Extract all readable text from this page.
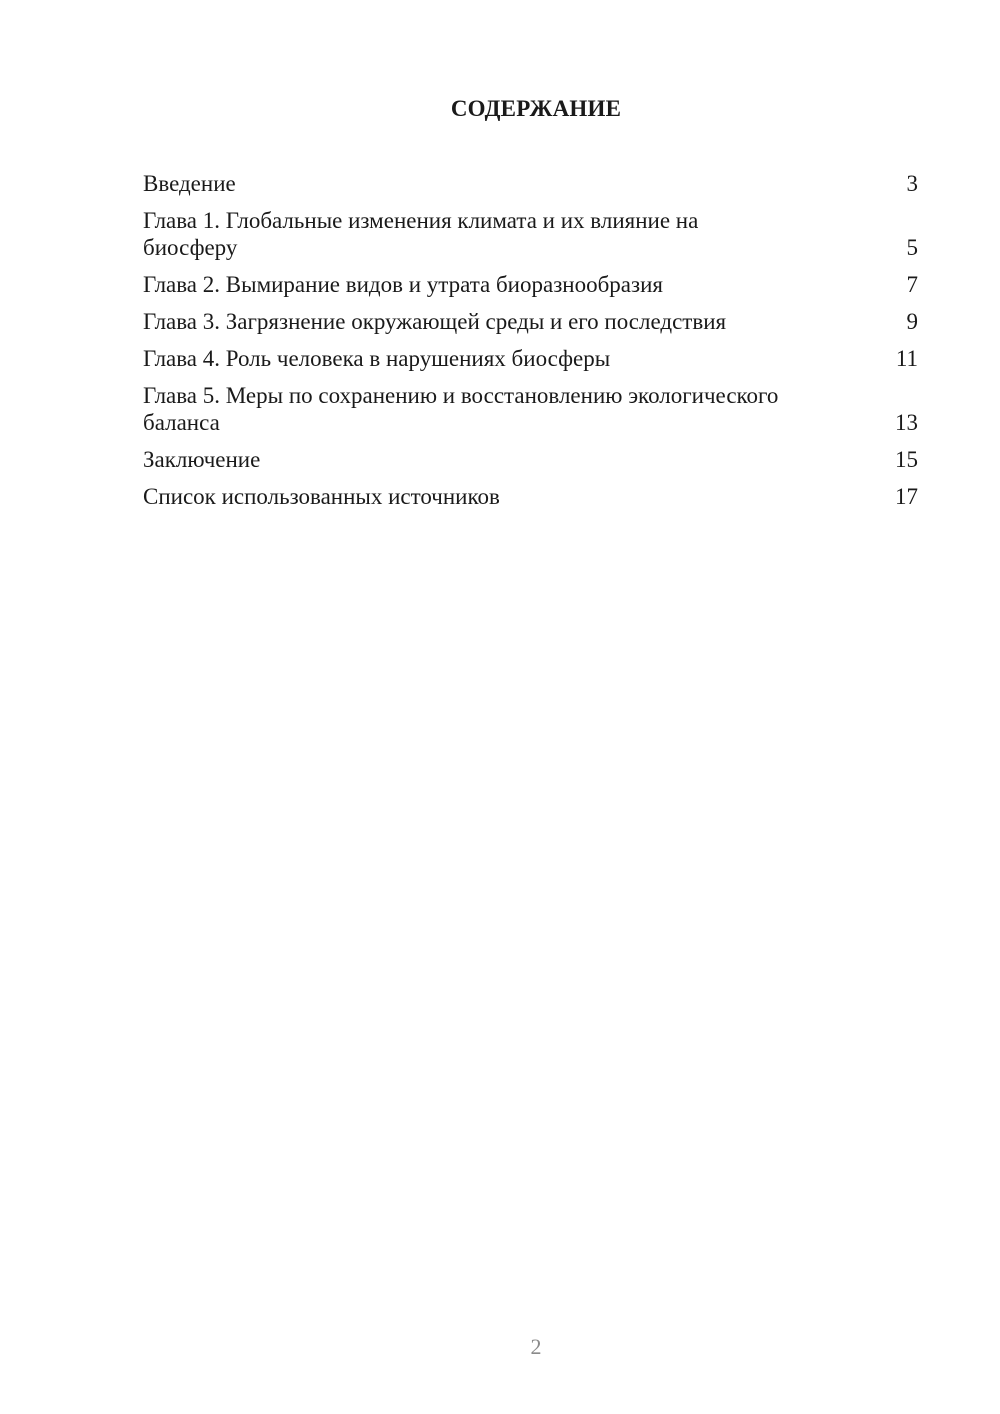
СОДЕРЖАНИЕ
Введение	3
Глава 1. Глобальные изменения климата и их влияние на биосферу	5
Глава 2. Вымирание видов и утрата биоразнообразия	7
Глава 3. Загрязнение окружающей среды и его последствия	9
Глава 4. Роль человека в нарушениях биосферы	11
Глава 5. Меры по сохранению и восстановлению экологического баланса	13
Заключение	15
Список использованных источников	17
2
